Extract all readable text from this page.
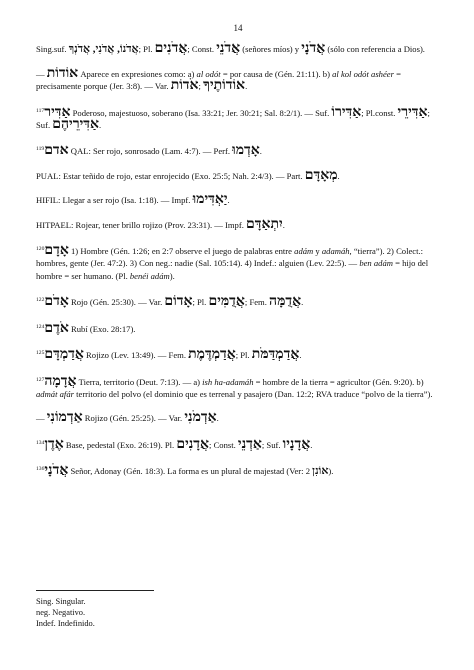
14

Sing.suf. אֲדֹנוֹ, אֲדֹנִי, אֲדֹנְךָ; Pl. אֲדֹנִים; Const. אֲדֹנֵי (señores míos) y אֲדֹנָי (sólo con referencia a Dios).

— אוֹדוֹת Aparece en expresiones como: a) al odót = por causa de (Gén. 21:11). b) al kol odót ashéer = precisamente porque (Jer. 3:8). — Var. אֹדוֹת; אוֹדוֹתֶיךָ.

$^{117}$אַדִּיר Poderoso, majestuoso, soberano (Isa. 33:21; Jer. 30:21; Sal. 8:2/1). — Suf. אַדִּירוֹ; Pl.const. אַדִּירֵי; Suf. אַדִּירֵיהֶם.

$^{119}$אדם QAL: Ser rojo, sonrosado (Lam. 4:7). — Perf. אָדְמוּ.

PUAL: Estar teñido de rojo, estar enrojecido (Exo. 25:5; Nah. 2:4/3). — Part. מְאָדָּם.

HIFIL: Llegar a ser rojo (Isa. 1:18). — Impf. יַאְדִּימוּ.

HITPAEL: Rojear, tener brillo rojizo (Prov. 23:31). — Impf. יִתְאַדָּם.

$^{120}$אָדָם 1) Hombre (Gén. 1:26; en 2:7 observe el juego de palabras entre adám y adamáh, “tierra”). 2) Colect.: hombres, gente (Jer. 47:2). 3) Con neg.: nadie (Sal. 105:14). 4) Indef.: alguien (Lev. 22:5). — ben adám = hijo del hombre = ser humano. (Pl. benéi adám).

$^{122}$אָדֹם Rojo (Gén. 25:30). — Var. אָדוֹם; Pl. אֲדֻמִּים; Fem. אֲדֻמָּה.

$^{124}$אֹדֶם Rubí (Exo. 28:17).

$^{125}$אֲדַמְדָּם Rojizo (Lev. 13:49). — Fem. אֲדַמְדֶּמֶת; Pl. אֲדַמְדַּמֹּת.

$^{127}$אֲדָמָה Tierra, territorio (Deut. 7:13). — a) ish ha-adamáh = hombre de la tierra = agricultor (Gén. 9:20). b) admát afár territorio del polvo (el dominio que es terrenal y pasajero (Dan. 12:2; RVA traduce “polvo de la tierra”).

— אַדְמוֹנִי Rojizo (Gén. 25:25). — Var. אַדְמֹנִי.

$^{134}$אֶדֶן Base, pedestal (Exo. 26:19). Pl. אֲדָנִים; Const. אַדְנֵי; Suf. אֲדָנָיו.

$^{136}$אֲדֹנָי Señor, Adonay (Gén. 18:3). La forma es un plural de majestad (Ver: 2 אוֹנִן).

Sing. Singular.
neg. Negativo.
Indef. Indefinido.
